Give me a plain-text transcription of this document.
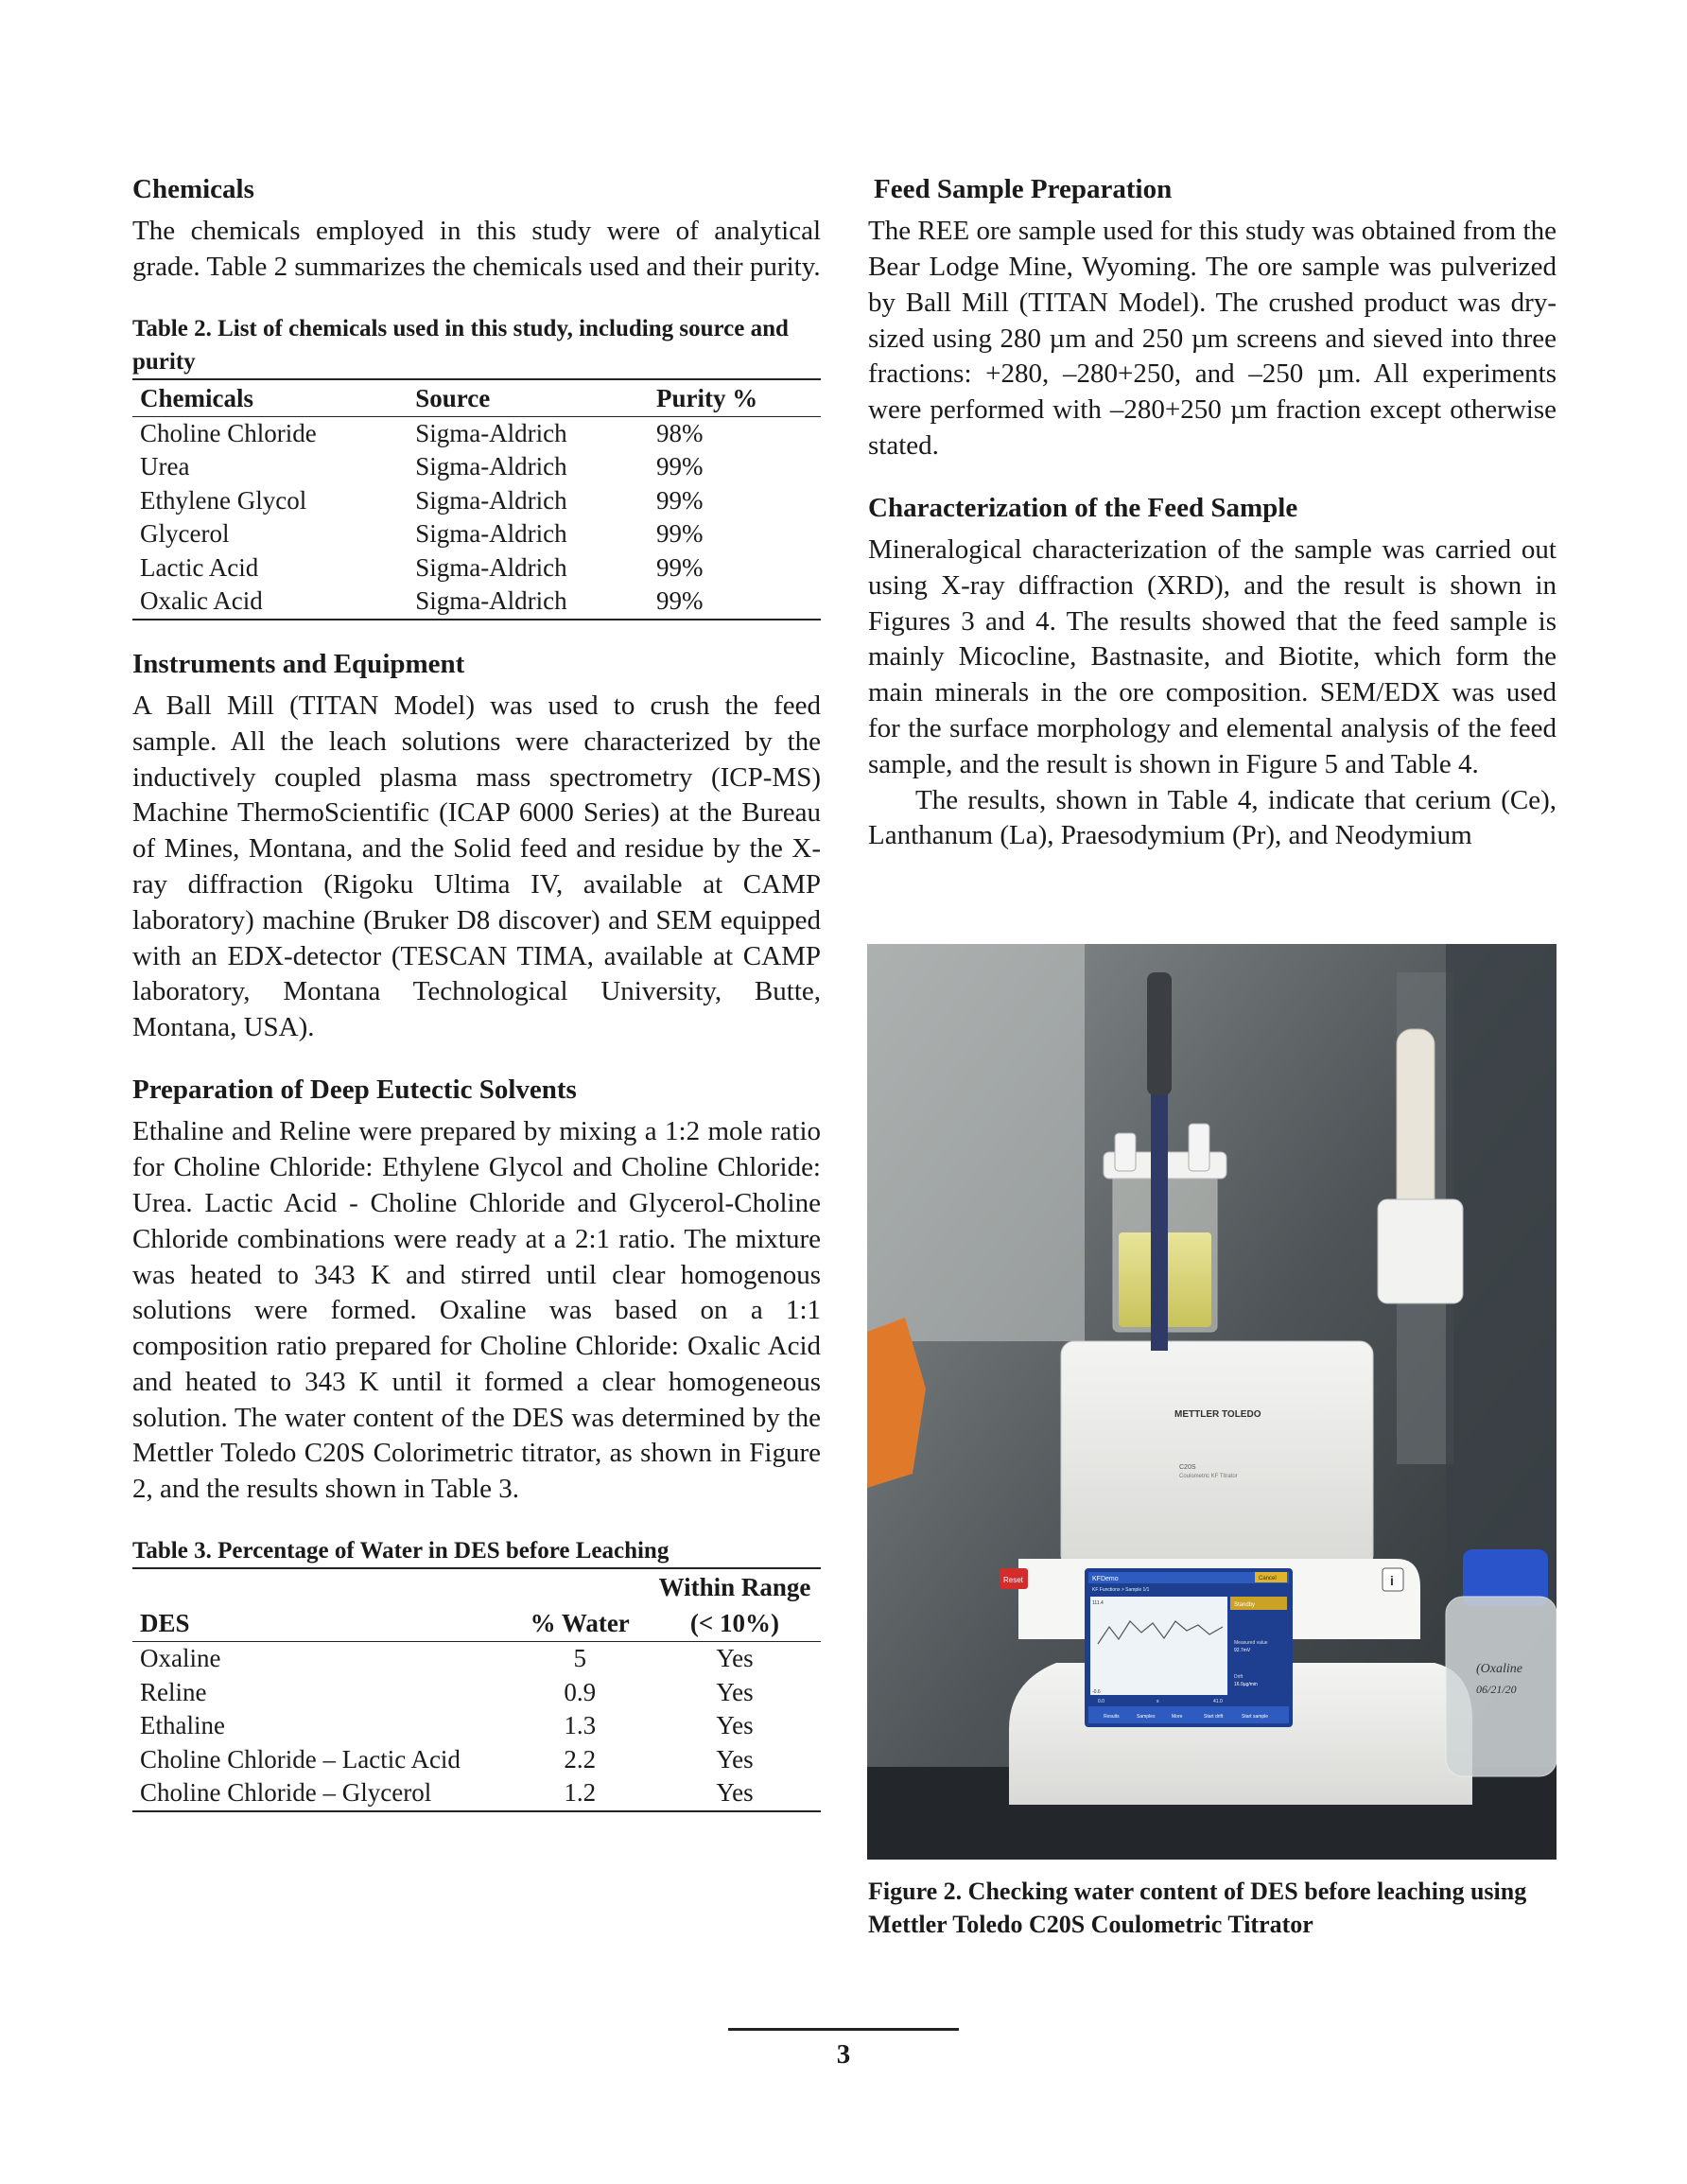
Chemicals

The chemicals employed in this study were of analytical grade. Table 2 summarizes the chemicals used and their purity.

Table 2. List of chemicals used in this study, including source and purity
Chemicals	Source	Purity %
Choline Chloride	Sigma-Aldrich	98%
Urea	Sigma-Aldrich	99%
Ethylene Glycol	Sigma-Aldrich	99%
Glycerol	Sigma-Aldrich	99%
Lactic Acid	Sigma-Aldrich	99%
Oxalic Acid	Sigma-Aldrich	99%
Instruments and Equipment

A Ball Mill (TITAN Model) was used to crush the feed sample. All the leach solutions were characterized by the inductively coupled plasma mass spectrometry (ICP-MS) Machine ThermoScientific (ICAP 6000 Series) at the Bureau of Mines, Montana, and the Solid feed and residue by the X-ray diffraction (Rigoku Ultima IV, available at CAMP laboratory) machine (Bruker D8 discover) and SEM equipped with an EDX-detector (TESCAN TIMA, available at CAMP laboratory, Montana Technological University, Butte, Montana, USA).

Preparation of Deep Eutectic Solvents

Ethaline and Reline were prepared by mixing a 1:2 mole ratio for Choline Chloride: Ethylene Glycol and Choline Chloride: Urea. Lactic Acid - Choline Chloride and Glycerol-Choline Chloride combinations were ready at a 2:1 ratio. The mixture was heated to 343 K and stirred until clear homogenous solutions were formed. Oxaline was based on a 1:1 composition ratio prepared for Choline Chloride: Oxalic Acid and heated to 343 K until it formed a clear homogeneous solution. The water content of the DES was determined by the Mettler Toledo C20S Colorimetric titrator, as shown in Figure 2, and the results shown in Table 3.

Table 3. Percentage of Water in DES before Leaching
		Within Range
DES	% Water	(< 10%)
Oxaline	5	Yes
Reline	0.9	Yes
Ethaline	1.3	Yes
Choline Chloride – Lactic Acid	2.2	Yes
Choline Chloride – Glycerol	1.2	Yes
Feed Sample Preparation

The REE ore sample used for this study was obtained from the Bear Lodge Mine, Wyoming. The ore sample was pulverized by Ball Mill (TITAN Model). The crushed product was dry-sized using 280 µm and 250 µm screens and sieved into three fractions: +280, –280+250, and –250 µm. All experiments were performed with –280+250 µm fraction except otherwise stated.

Characterization of the Feed Sample

Mineralogical characterization of the sample was carried out using X-ray diffraction (XRD), and the result is shown in Figures 3 and 4. The results showed that the feed sample is mainly Micocline, Bastnasite, and Biotite, which form the main minerals in the ore composition. SEM/EDX was used for the surface morphology and elemental analysis of the feed sample, and the result is shown in Figure 5 and Table 4.

The results, shown in Table 4, indicate that cerium (Ce), Lanthanum (La), Praesodymium (Pr), and Neodymium

METTLER TOLEDO
C20S
Coulometric KF Titrator
Reset	i
KFDemo
KF Functions > Sample 1/1
Cancel
111.4
-0.6
0.0	s	41.0
Standby
Measured value
92.7mV
Drift
16.9µg/min
Results	Samples	More	Start drift	Start sample
(Oxaline
06/21/20
Figure 2. Checking water content of DES before leaching using Mettler Toledo C20S Coulometric Titrator
3
